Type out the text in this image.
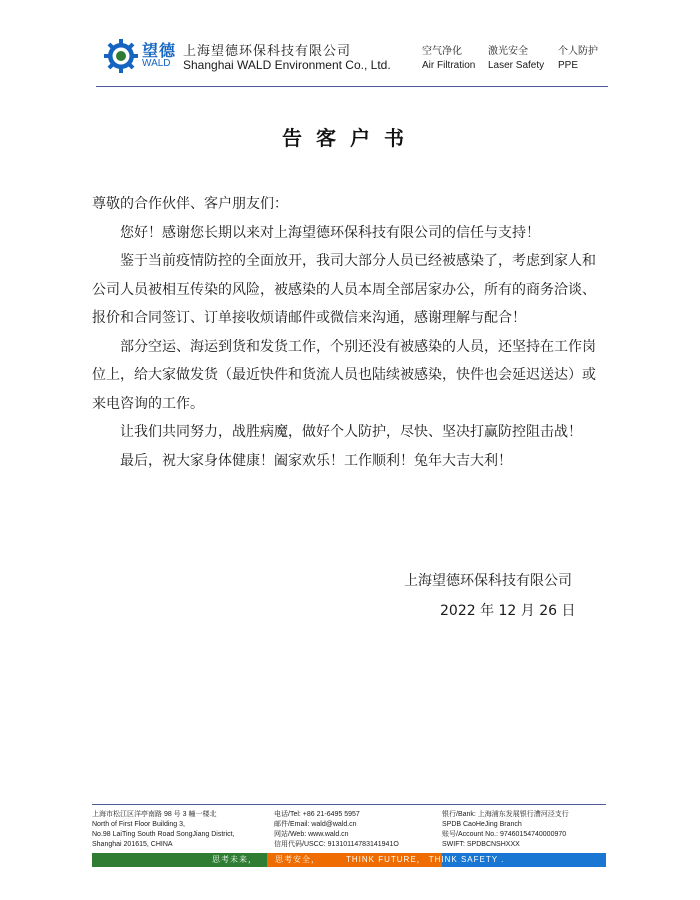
望德
WALD
上海望德环保科技有限公司
Shanghai WALD Environment Co., Ltd.
空气净化
Air Filtration
激光安全
Laser Safety
个人防护
PPE
告客户书

尊敬的合作伙伴、客户朋友们：

您好！感谢您长期以来对上海望德环保科技有限公司的信任与支持！

鉴于当前疫情防控的全面放开，我司大部分人员已经被感染了，考虑到家人和公司人员被相互传染的风险，被感染的人员本周全部居家办公，所有的商务洽谈、报价和合同签订、订单接收烦请邮件或微信来沟通，感谢理解与配合！

部分空运、海运到货和发货工作，个别还没有被感染的人员，还坚持在工作岗位上，给大家做发货（最近快件和货流人员也陆续被感染，快件也会延迟送达）或来电咨询的工作。

让我们共同努力，战胜病魔，做好个人防护，尽快、坚决打赢防控阻击战！

最后，祝大家身体健康！阖家欢乐！工作顺利！兔年大吉大利！

上海望德环保科技有限公司
2022 年 12 月 26 日
上海市松江区洋亭南路 98 号 3 幢一楼北
North of First Floor Building 3,
No.98 LaiTing South Road SongJiang District,
Shanghai 201615, CHINA
电话/Tel: +86 21-6495 5957
邮件/Email: wald@wald.cn
网站/Web: www.wald.cn
信用代码/USCC: 91310114783141941O
银行/Bank: 上海浦东发展银行漕河泾支行
SPDB CaoHeJing Branch
账号/Account No.: 97460154740000970
SWIFT: SPDBCNSHXXX
思考未来，	思考安全，	THINK FUTURE， THINK SAFETY .
